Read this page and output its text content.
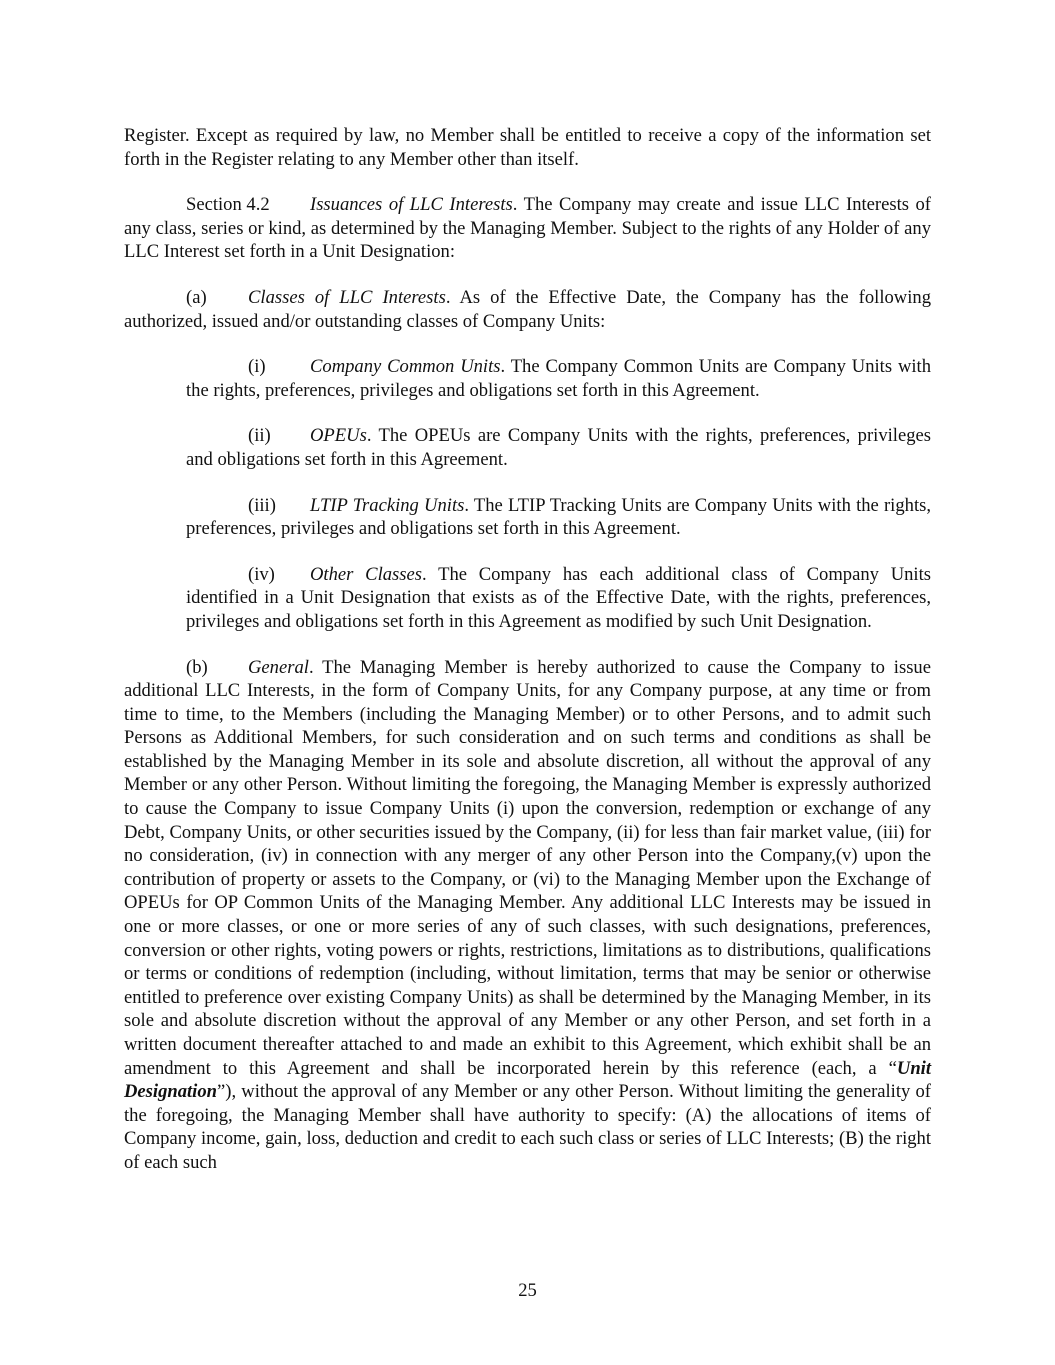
Register. Except as required by law, no Member shall be entitled to receive a copy of the information set forth in the Register relating to any Member other than itself.

Section 4.2 Issuances of LLC Interests. The Company may create and issue LLC Interests of any class, series or kind, as determined by the Managing Member. Subject to the rights of any Holder of any LLC Interest set forth in a Unit Designation:

(a) Classes of LLC Interests. As of the Effective Date, the Company has the following authorized, issued and/or outstanding classes of Company Units:

(i) Company Common Units. The Company Common Units are Company Units with the rights, preferences, privileges and obligations set forth in this Agreement.

(ii) OPEUs. The OPEUs are Company Units with the rights, preferences, privileges and obligations set forth in this Agreement.

(iii) LTIP Tracking Units. The LTIP Tracking Units are Company Units with the rights, preferences, privileges and obligations set forth in this Agreement.

(iv) Other Classes. The Company has each additional class of Company Units identified in a Unit Designation that exists as of the Effective Date, with the rights, preferences, privileges and obligations set forth in this Agreement as modified by such Unit Designation.

(b) General. The Managing Member is hereby authorized to cause the Company to issue additional LLC Interests, in the form of Company Units, for any Company purpose, at any time or from time to time, to the Members (including the Managing Member) or to other Persons, and to admit such Persons as Additional Members, for such consideration and on such terms and conditions as shall be established by the Managing Member in its sole and absolute discretion, all without the approval of any Member or any other Person. Without limiting the foregoing, the Managing Member is expressly authorized to cause the Company to issue Company Units (i) upon the conversion, redemption or exchange of any Debt, Company Units, or other securities issued by the Company, (ii) for less than fair market value, (iii) for no consideration, (iv) in connection with any merger of any other Person into the Company,(v) upon the contribution of property or assets to the Company, or (vi) to the Managing Member upon the Exchange of OPEUs for OP Common Units of the Managing Member. Any additional LLC Interests may be issued in one or more classes, or one or more series of any of such classes, with such designations, preferences, conversion or other rights, voting powers or rights, restrictions, limitations as to distributions, qualifications or terms or conditions of redemption (including, without limitation, terms that may be senior or otherwise entitled to preference over existing Company Units) as shall be determined by the Managing Member, in its sole and absolute discretion without the approval of any Member or any other Person, and set forth in a written document thereafter attached to and made an exhibit to this Agreement, which exhibit shall be an amendment to this Agreement and shall be incorporated herein by this reference (each, a “Unit Designation”), without the approval of any Member or any other Person. Without limiting the generality of the foregoing, the Managing Member shall have authority to specify: (A) the allocations of items of Company income, gain, loss, deduction and credit to each such class or series of LLC Interests; (B) the right of each such

25
